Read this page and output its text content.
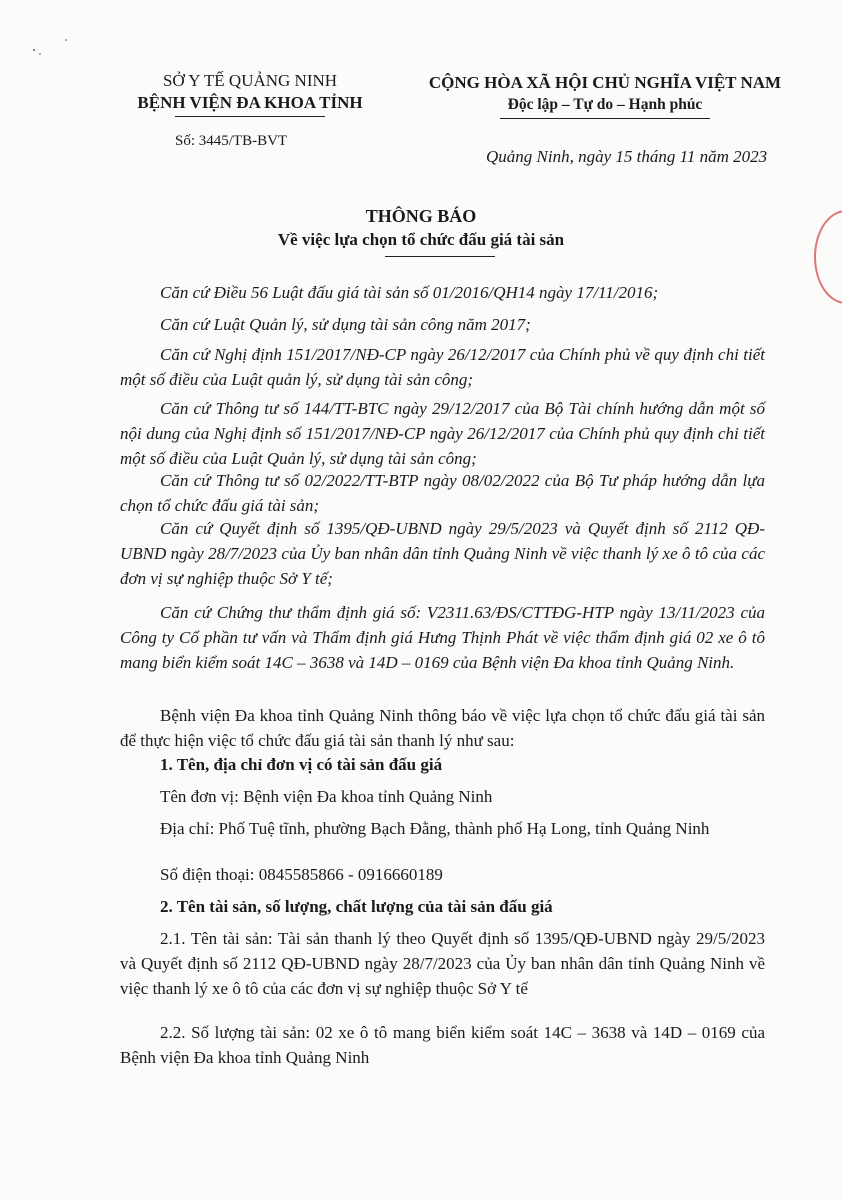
SỞ Y TẾ QUẢNG NINH
BỆNH VIỆN ĐA KHOA TỈNH
CỘNG HÒA XÃ HỘI CHỦ NGHĨA VIỆT NAM
Độc lập – Tự do – Hạnh phúc
Số: 3445/TB-BVT
Quảng Ninh, ngày 15 tháng 11 năm 2023
THÔNG BÁO
Về việc lựa chọn tổ chức đấu giá tài sản
Căn cứ Điều 56 Luật đấu giá tài sản số 01/2016/QH14 ngày 17/11/2016;
Căn cứ Luật Quản lý, sử dụng tài sản công năm 2017;
Căn cứ Nghị định 151/2017/NĐ-CP ngày 26/12/2017 của Chính phủ về quy định chi tiết một số điều của Luật quản lý, sử dụng tài sản công;
Căn cứ Thông tư số 144/TT-BTC ngày 29/12/2017 của Bộ Tài chính hướng dẫn một số nội dung của Nghị định số 151/2017/NĐ-CP ngày 26/12/2017 của Chính phủ quy định chi tiết một số điều của Luật Quản lý, sử dụng tài sản công;
Căn cứ Thông tư số 02/2022/TT-BTP ngày 08/02/2022 của Bộ Tư pháp hướng dẫn lựa chọn tổ chức đấu giá tài sản;
Căn cứ Quyết định số 1395/QĐ-UBND ngày 29/5/2023 và Quyết định số 2112 QĐ-UBND ngày 28/7/2023 của Ủy ban nhân dân tỉnh Quảng Ninh về việc thanh lý xe ô tô của các đơn vị sự nghiệp thuộc Sở Y tế;
Căn cứ Chứng thư thẩm định giá số: V2311.63/ĐS/CTTĐG-HTP ngày 13/11/2023 của Công ty Cổ phần tư vấn và Thẩm định giá Hưng Thịnh Phát về việc thẩm định giá 02 xe ô tô mang biển kiểm soát 14C – 3638 và 14D – 0169 của Bệnh viện Đa khoa tỉnh Quảng Ninh.
Bệnh viện Đa khoa tỉnh Quảng Ninh thông báo về việc lựa chọn tổ chức đấu giá tài sản để thực hiện việc tổ chức đấu giá tài sản thanh lý như sau:
1. Tên, địa chỉ đơn vị có tài sản đấu giá
Tên đơn vị: Bệnh viện Đa khoa tỉnh Quảng Ninh
Địa chỉ: Phố Tuệ tĩnh, phường Bạch Đằng, thành phố Hạ Long, tỉnh Quảng Ninh
Số điện thoại: 0845585866 - 0916660189
2. Tên tài sản, số lượng, chất lượng của tài sản đấu giá
2.1. Tên tài sản: Tài sản thanh lý theo Quyết định số 1395/QĐ-UBND ngày 29/5/2023 và Quyết định số 2112 QĐ-UBND ngày 28/7/2023 của Ủy ban nhân dân tỉnh Quảng Ninh về việc thanh lý xe ô tô của các đơn vị sự nghiệp thuộc Sở Y tế
2.2. Số lượng tài sản: 02 xe ô tô mang biển kiểm soát 14C – 3638 và 14D – 0169 của Bệnh viện Đa khoa tỉnh Quảng Ninh
